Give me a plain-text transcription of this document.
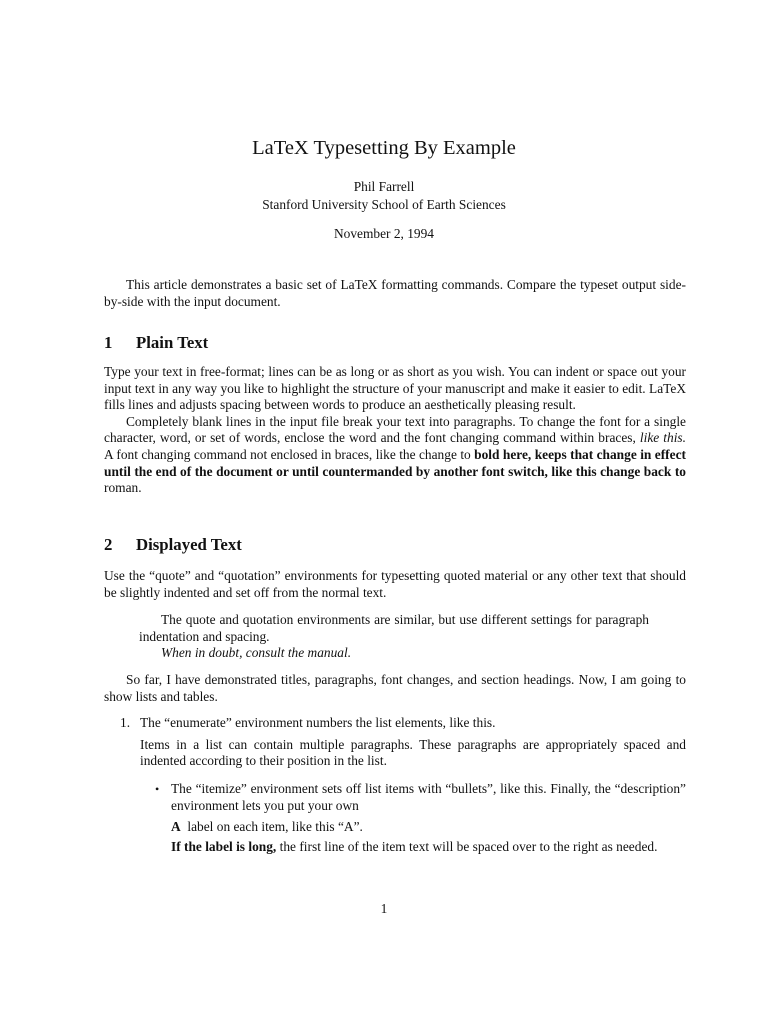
LaTeX Typesetting By Example
Phil Farrell
Stanford University School of Earth Sciences
November 2, 1994

This article demonstrates a basic set of LaTeX formatting commands. Compare the typeset output side-by-side with the input document.

1 Plain Text

Type your text in free-format; lines can be as long or as short as you wish. You can indent or space out your input text in any way you like to highlight the structure of your manuscript and make it easier to edit. LaTeX fills lines and adjusts spacing between words to produce an aesthetically pleasing result.

Completely blank lines in the input file break your text into paragraphs. To change the font for a single character, word, or set of words, enclose the word and the font changing command within braces, like this. A font changing command not enclosed in braces, like the change to bold here, keeps that change in effect until the end of the document or until countermanded by another font switch, like this change back to roman.

2 Displayed Text

Use the “quote” and “quotation” environments for typesetting quoted material or any other text that should be slightly indented and set off from the normal text.

The quote and quotation environments are similar, but use different settings for paragraph indentation and spacing.

When in doubt, consult the manual.

So far, I have demonstrated titles, paragraphs, font changes, and section headings. Now, I am going to show lists and tables.

1. The “enumerate” environment numbers the list elements, like this.

Items in a list can contain multiple paragraphs. These paragraphs are appropriately spaced and indented according to their position in the list.

• The “itemize” environment sets off list items with “bullets”, like this. Finally, the “description” environment lets you put your own

A label on each item, like this “A”.

If the label is long, the first line of the item text will be spaced over to the right as needed.

1
